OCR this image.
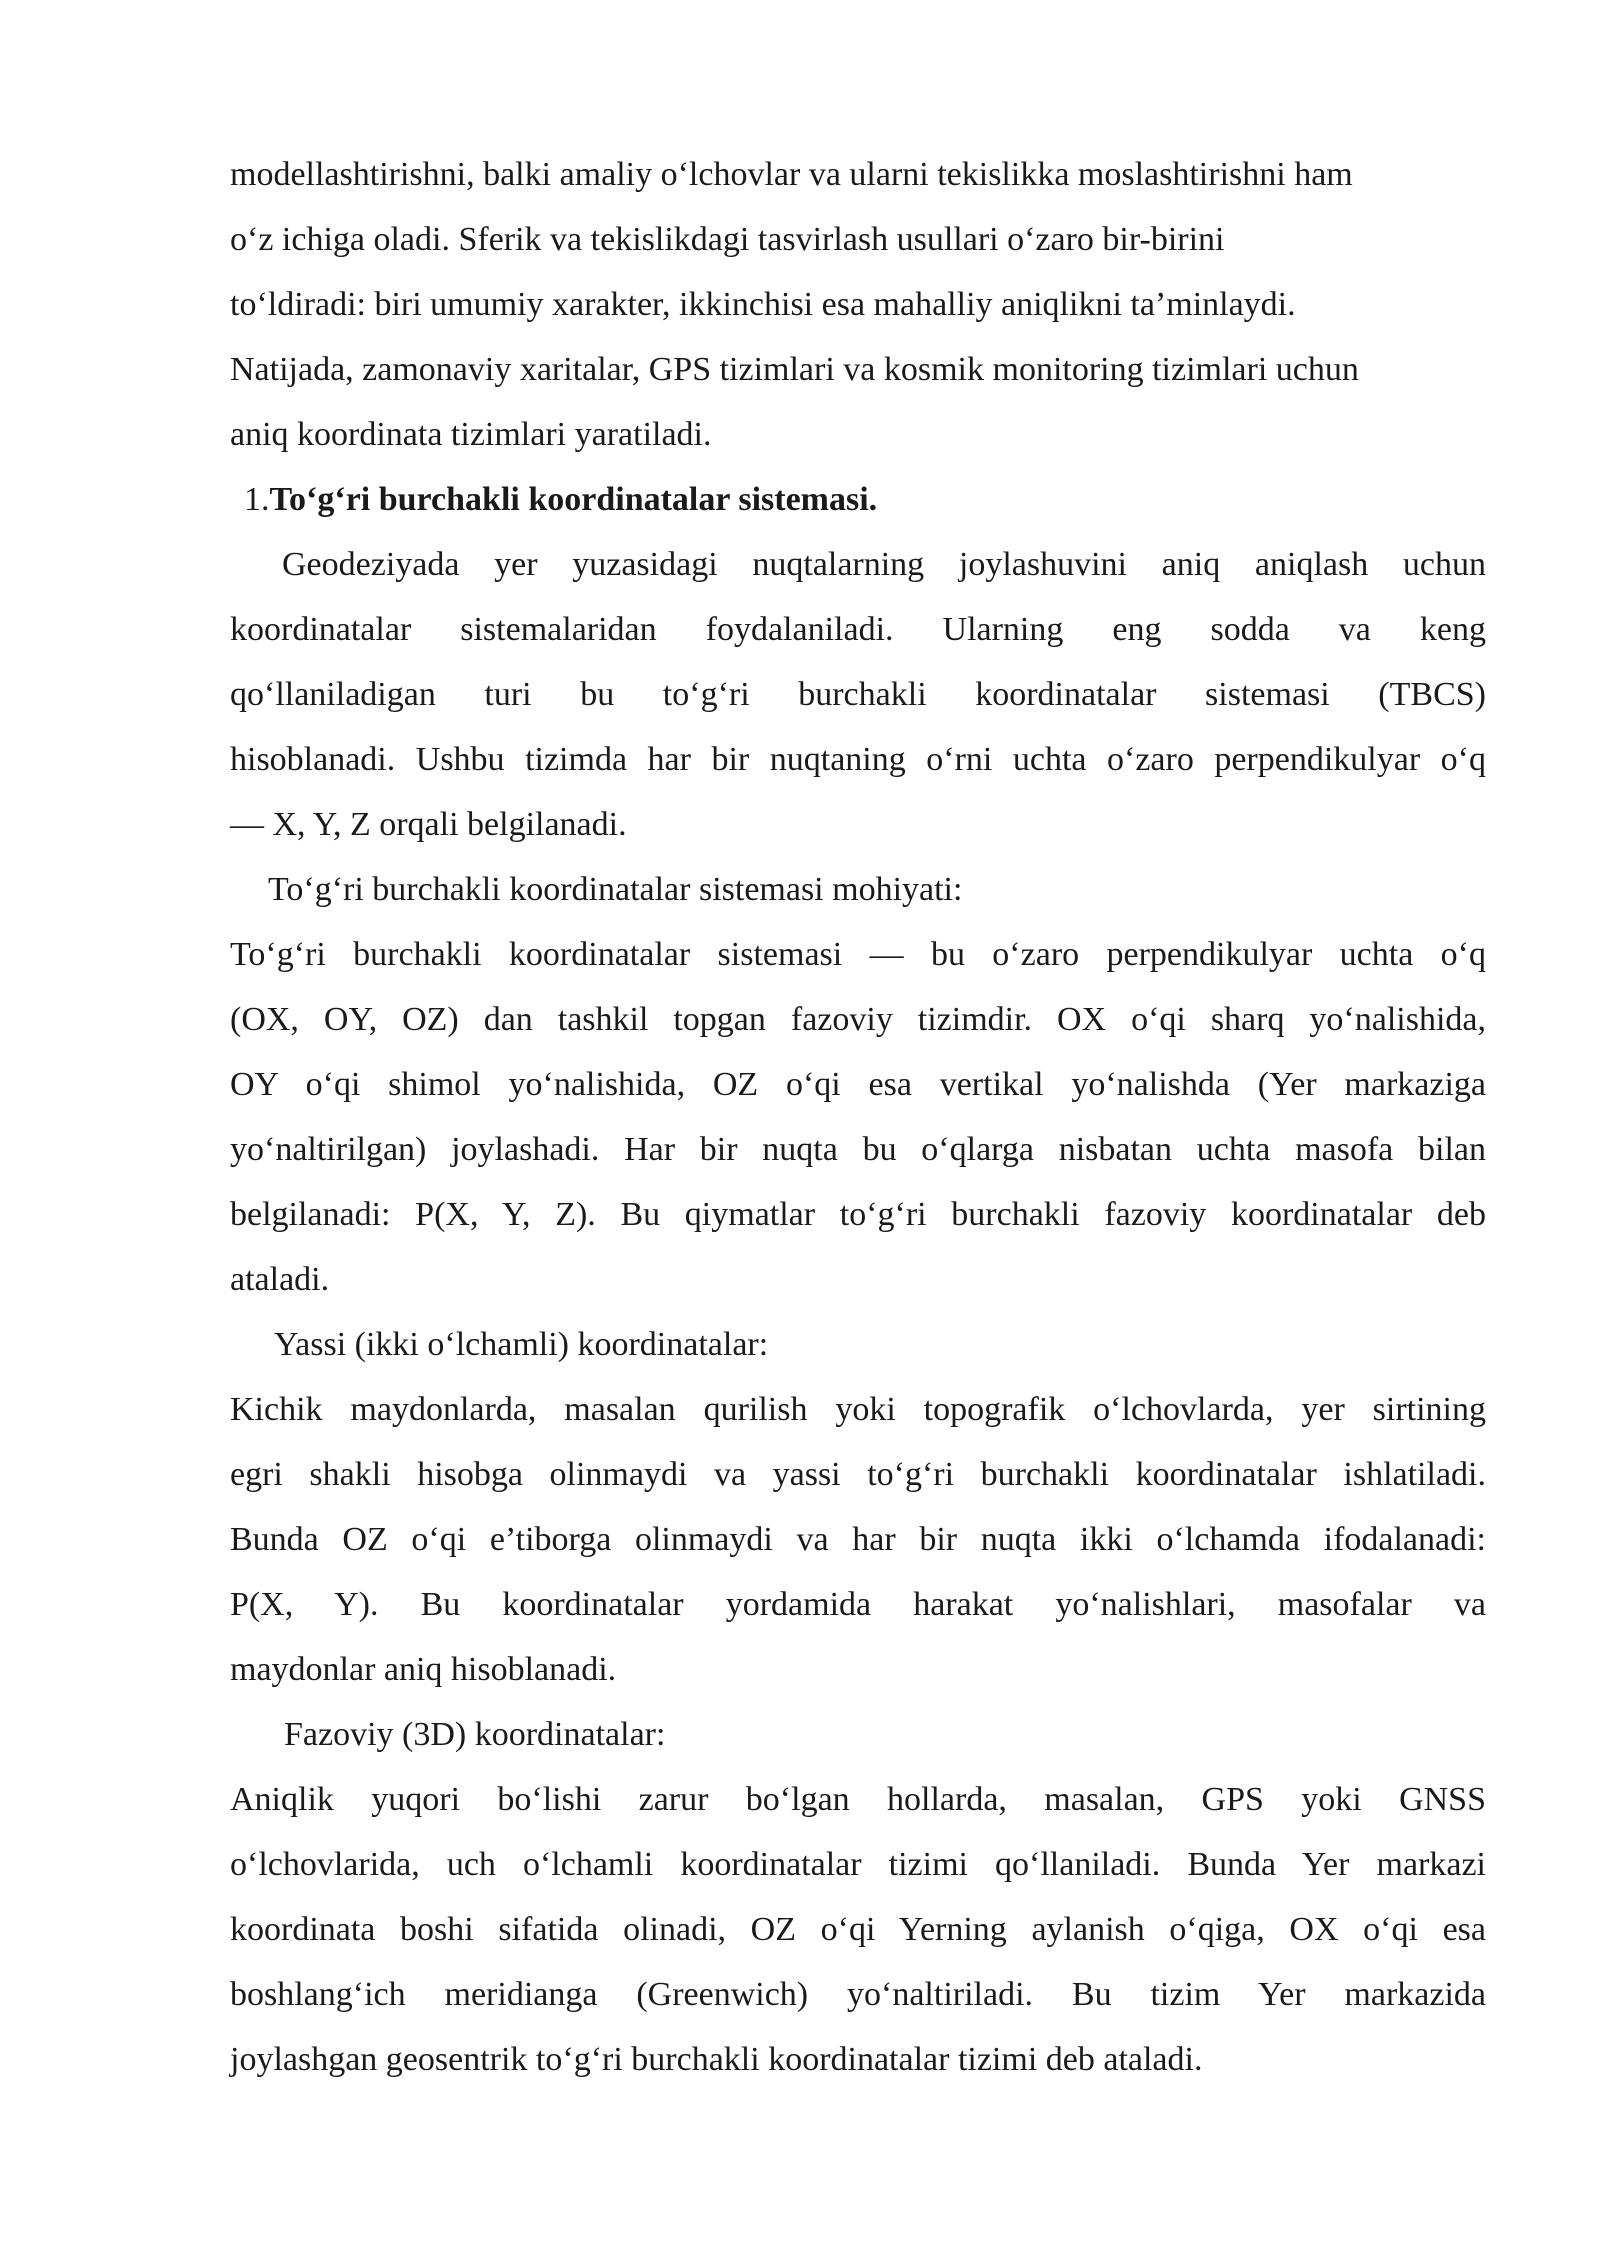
modellashtirishni, balki amaliy o‘lchovlar va ularni tekislikka moslashtirishni ham
o‘z ichiga oladi. Sferik va tekislikdagi tasvirlash usullari o‘zaro bir-birini
to‘ldiradi: biri umumiy xarakter, ikkinchisi esa mahalliy aniqlikni ta’minlaydi.
Natijada, zamonaviy xaritalar, GPS tizimlari va kosmik monitoring tizimlari uchun
aniq koordinata tizimlari yaratiladi.
1.To‘g‘ri burchakli koordinatalar sistemasi.
Geodeziyada yer yuzasidagi nuqtalarning joylashuvini aniq aniqlash uchun
koordinatalar sistemalaridan foydalaniladi. Ularning eng sodda va keng
qo‘llaniladigan turi bu to‘g‘ri burchakli koordinatalar sistemasi (TBCS)
hisoblanadi. Ushbu tizimda har bir nuqtaning o‘rni uchta o‘zaro perpendikulyar o‘q
— X, Y, Z orqali belgilanadi.
To‘g‘ri burchakli koordinatalar sistemasi mohiyati:
To‘g‘ri burchakli koordinatalar sistemasi — bu o‘zaro perpendikulyar uchta o‘q
(OX, OY, OZ) dan tashkil topgan fazoviy tizimdir. OX o‘qi sharq yo‘nalishida,
OY o‘qi shimol yo‘nalishida, OZ o‘qi esa vertikal yo‘nalishda (Yer markaziga
yo‘naltirilgan) joylashadi. Har bir nuqta bu o‘qlarga nisbatan uchta masofa bilan
belgilanadi: P(X, Y, Z). Bu qiymatlar to‘g‘ri burchakli fazoviy koordinatalar deb
ataladi.
Yassi (ikki o‘lchamli) koordinatalar:
Kichik maydonlarda, masalan qurilish yoki topografik o‘lchovlarda, yer sirtining
egri shakli hisobga olinmaydi va yassi to‘g‘ri burchakli koordinatalar ishlatiladi.
Bunda OZ o‘qi e’tiborga olinmaydi va har bir nuqta ikki o‘lchamda ifodalanadi:
P(X, Y). Bu koordinatalar yordamida harakat yo‘nalishlari, masofalar va
maydonlar aniq hisoblanadi.
Fazoviy (3D) koordinatalar:
Aniqlik yuqori bo‘lishi zarur bo‘lgan hollarda, masalan, GPS yoki GNSS
o‘lchovlarida, uch o‘lchamli koordinatalar tizimi qo‘llaniladi. Bunda Yer markazi
koordinata boshi sifatida olinadi, OZ o‘qi Yerning aylanish o‘qiga, OX o‘qi esa
boshlang‘ich meridianga (Greenwich) yo‘naltiriladi. Bu tizim Yer markazida
joylashgan geosentrik to‘g‘ri burchakli koordinatalar tizimi deb ataladi.
